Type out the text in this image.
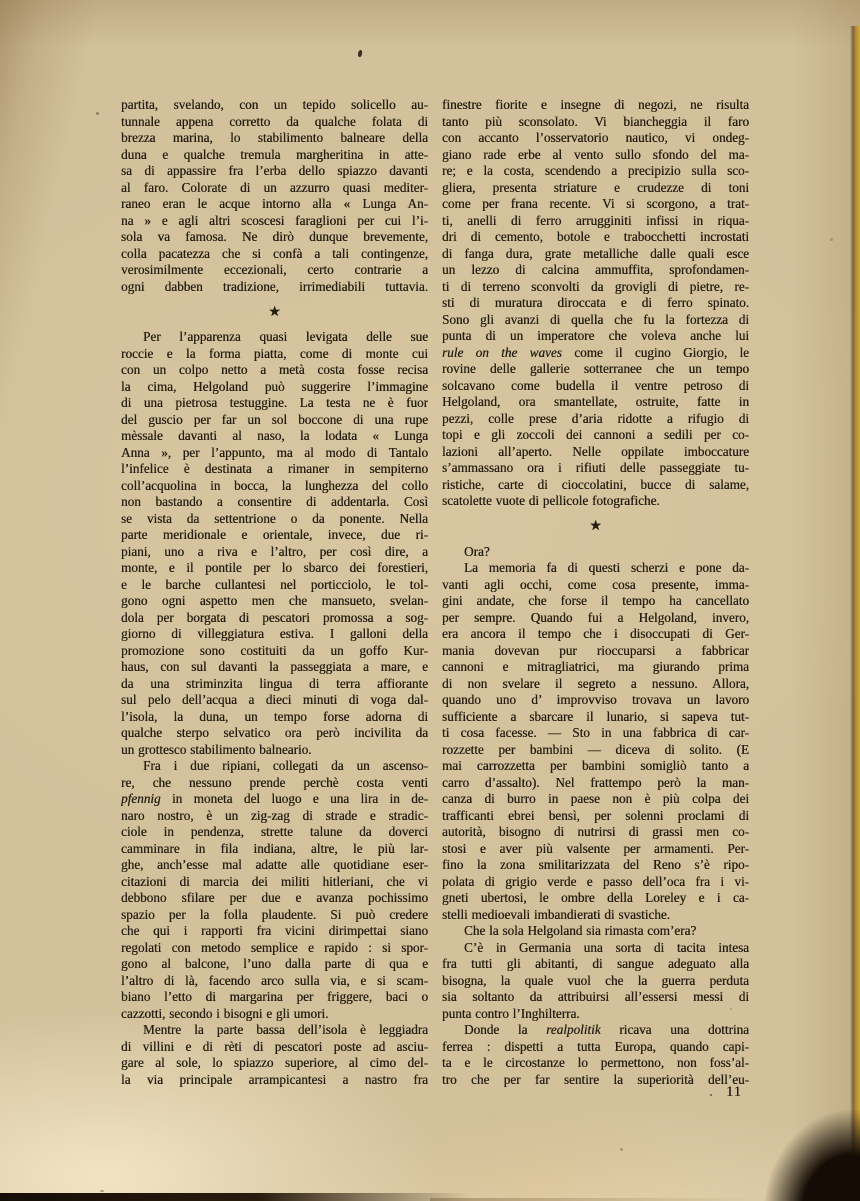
partita, svelando, con un tepido solicello au-
tunnale appena corretto da qualche folata di
brezza marina, lo stabilimento balneare della
duna e qualche tremula margheritina in atte-
sa di appassire fra l’erba dello spiazzo davanti
al faro. Colorate di un azzurro quasi mediter-
raneo eran le acque intorno alla « Lunga An-
na » e agli altri scoscesi faraglioni per cui l’i-
sola va famosa. Ne dirò dunque brevemente,
colla pacatezza che si confà a tali contingenze,
verosimilmente eccezionali, certo contrarie a
ogni dabben tradizione, irrimediabili tuttavia.
★
Per l’apparenza quasi levigata delle sue
roccie e la forma piatta, come di monte cui
con un colpo netto a metà costa fosse recisa
la cima, Helgoland può suggerire l’immagine
di una pietrosa testuggine. La testa ne è fuor
del guscio per far un sol boccone di una rupe
mèssale davanti al naso, la lodata « Lunga
Anna », per l’appunto, ma al modo di Tantalo
l’infelice è destinata a rimaner in sempiterno
coll’acquolina in bocca, la lunghezza del collo
non bastando a consentire di addentarla. Così
se vista da settentrione o da ponente. Nella
parte meridionale e orientale, invece, due ri-
piani, uno a riva e l’altro, per così dire, a
monte, e il pontile per lo sbarco dei forestieri,
e le barche cullantesi nel porticciolo, le tol-
gono ogni aspetto men che mansueto, svelan-
dola per borgata di pescatori promossa a sog-
giorno di villeggiatura estiva. I galloni della
promozione sono costituiti da un goffo Kur-
haus, con sul davanti la passeggiata a mare, e
da una striminzita lingua di terra affiorante
sul pelo dell’acqua a dieci minuti di voga dal-
l’isola, la duna, un tempo forse adorna di
qualche sterpo selvatico ora però incivilita da
un grottesco stabilimento balneario.
Fra i due ripiani, collegati da un ascenso-
re, che nessuno prende perchè costa venti
pfennig in moneta del luogo e una lira in de-
naro nostro, è un zig-zag di strade e stradic-
ciole in pendenza, strette talune da doverci
camminare in fila indiana, altre, le più lar-
ghe, anch’esse mal adatte alle quotidiane eser-
citazioni di marcia dei militi hitleriani, che vi
debbono sfilare per due e avanza pochissimo
spazio per la folla plaudente. Si può credere
che qui i rapporti fra vicini dirimpettai siano
regolati con metodo semplice e rapido : si spor-
gono al balcone, l’uno dalla parte di qua e
l’altro di là, facendo arco sulla via, e si scam-
biano l’etto di margarina per friggere, baci o
cazzotti, secondo i bisogni e gli umori.
Mentre la parte bassa dell’isola è leggiadra
di villini e di rèti di pescatori poste ad asciu-
gare al sole, lo spiazzo superiore, al cimo del-
la via principale arrampicantesi a nastro fra
finestre fiorite e insegne di negozi, ne risulta
tanto più sconsolato. Vi biancheggia il faro
con accanto l’osservatorio nautico, vi ondeg-
giano rade erbe al vento sullo sfondo del ma-
re; e la costa, scendendo a precipizio sulla sco-
gliera, presenta striature e crudezze di toni
come per frana recente. Vi si scorgono, a trat-
ti, anelli di ferro arrugginiti infissi in riqua-
dri di cemento, botole e trabocchetti incrostati
di fanga dura, grate metalliche dalle quali esce
un lezzo di calcina ammuffita, sprofondamen-
ti di terreno sconvolti da grovigli di pietre, re-
sti di muratura diroccata e di ferro spinato.
Sono gli avanzi di quella che fu la fortezza di
punta di un imperatore che voleva anche lui
rule on the waves come il cugino Giorgio, le
rovine delle gallerie sotterranee che un tempo
solcavano come budella il ventre petroso di
Helgoland, ora smantellate, ostruite, fatte in
pezzi, colle prese d’aria ridotte a rifugio di
topi e gli zoccoli dei cannoni a sedili per co-
lazioni all’aperto. Nelle oppilate imboccature
s’ammassano ora i rifiuti delle passeggiate tu-
ristiche, carte di cioccolatini, bucce di salame,
scatolette vuote di pellicole fotografiche.
★
Ora?
La memoria fa di questi scherzi e pone da-
vanti agli occhi, come cosa presente, imma-
gini andate, che forse il tempo ha cancellato
per sempre. Quando fui a Helgoland, invero,
era ancora il tempo che i disoccupati di Ger-
mania dovevan pur rioccuparsi a fabbricar
cannoni e mitragliatrici, ma giurando prima
di non svelare il segreto a nessuno. Allora,
quando uno d’ improvviso trovava un lavoro
sufficiente a sbarcare il lunario, si sapeva tut-
ti cosa facesse. — Sto in una fabbrica di car-
rozzette per bambini — diceva di solito. (E
mai carrozzetta per bambini somigliò tanto a
carro d’assalto). Nel frattempo però la man-
canza di burro in paese non è più colpa dei
trafficanti ebrei bensì, per solenni proclami di
autorità, bisogno di nutrirsi di grassi men co-
stosi e aver più valsente per armamenti. Per-
fino la zona smilitarizzata del Reno s’è ripo-
polata di grigio verde e passo dell’oca fra i vi-
gneti ubertosi, le ombre della Loreley e i ca-
stelli medioevali imbandierati di svastiche.
Che la sola Helgoland sia rimasta com’era?
C’è in Germania una sorta di tacita intesa
fra tutti gli abitanti, di sangue adeguato alla
bisogna, la quale vuol che la guerra perduta
sia soltanto da attribuirsi all’essersi messi di
punta contro l’Inghilterra.
Donde la realpolitik ricava una dottrina
ferrea : dispetti a tutta Europa, quando capi-
ta e le circostanze lo permettono, non foss’al-
tro che per far sentire la superiorità dell’eu-
11
